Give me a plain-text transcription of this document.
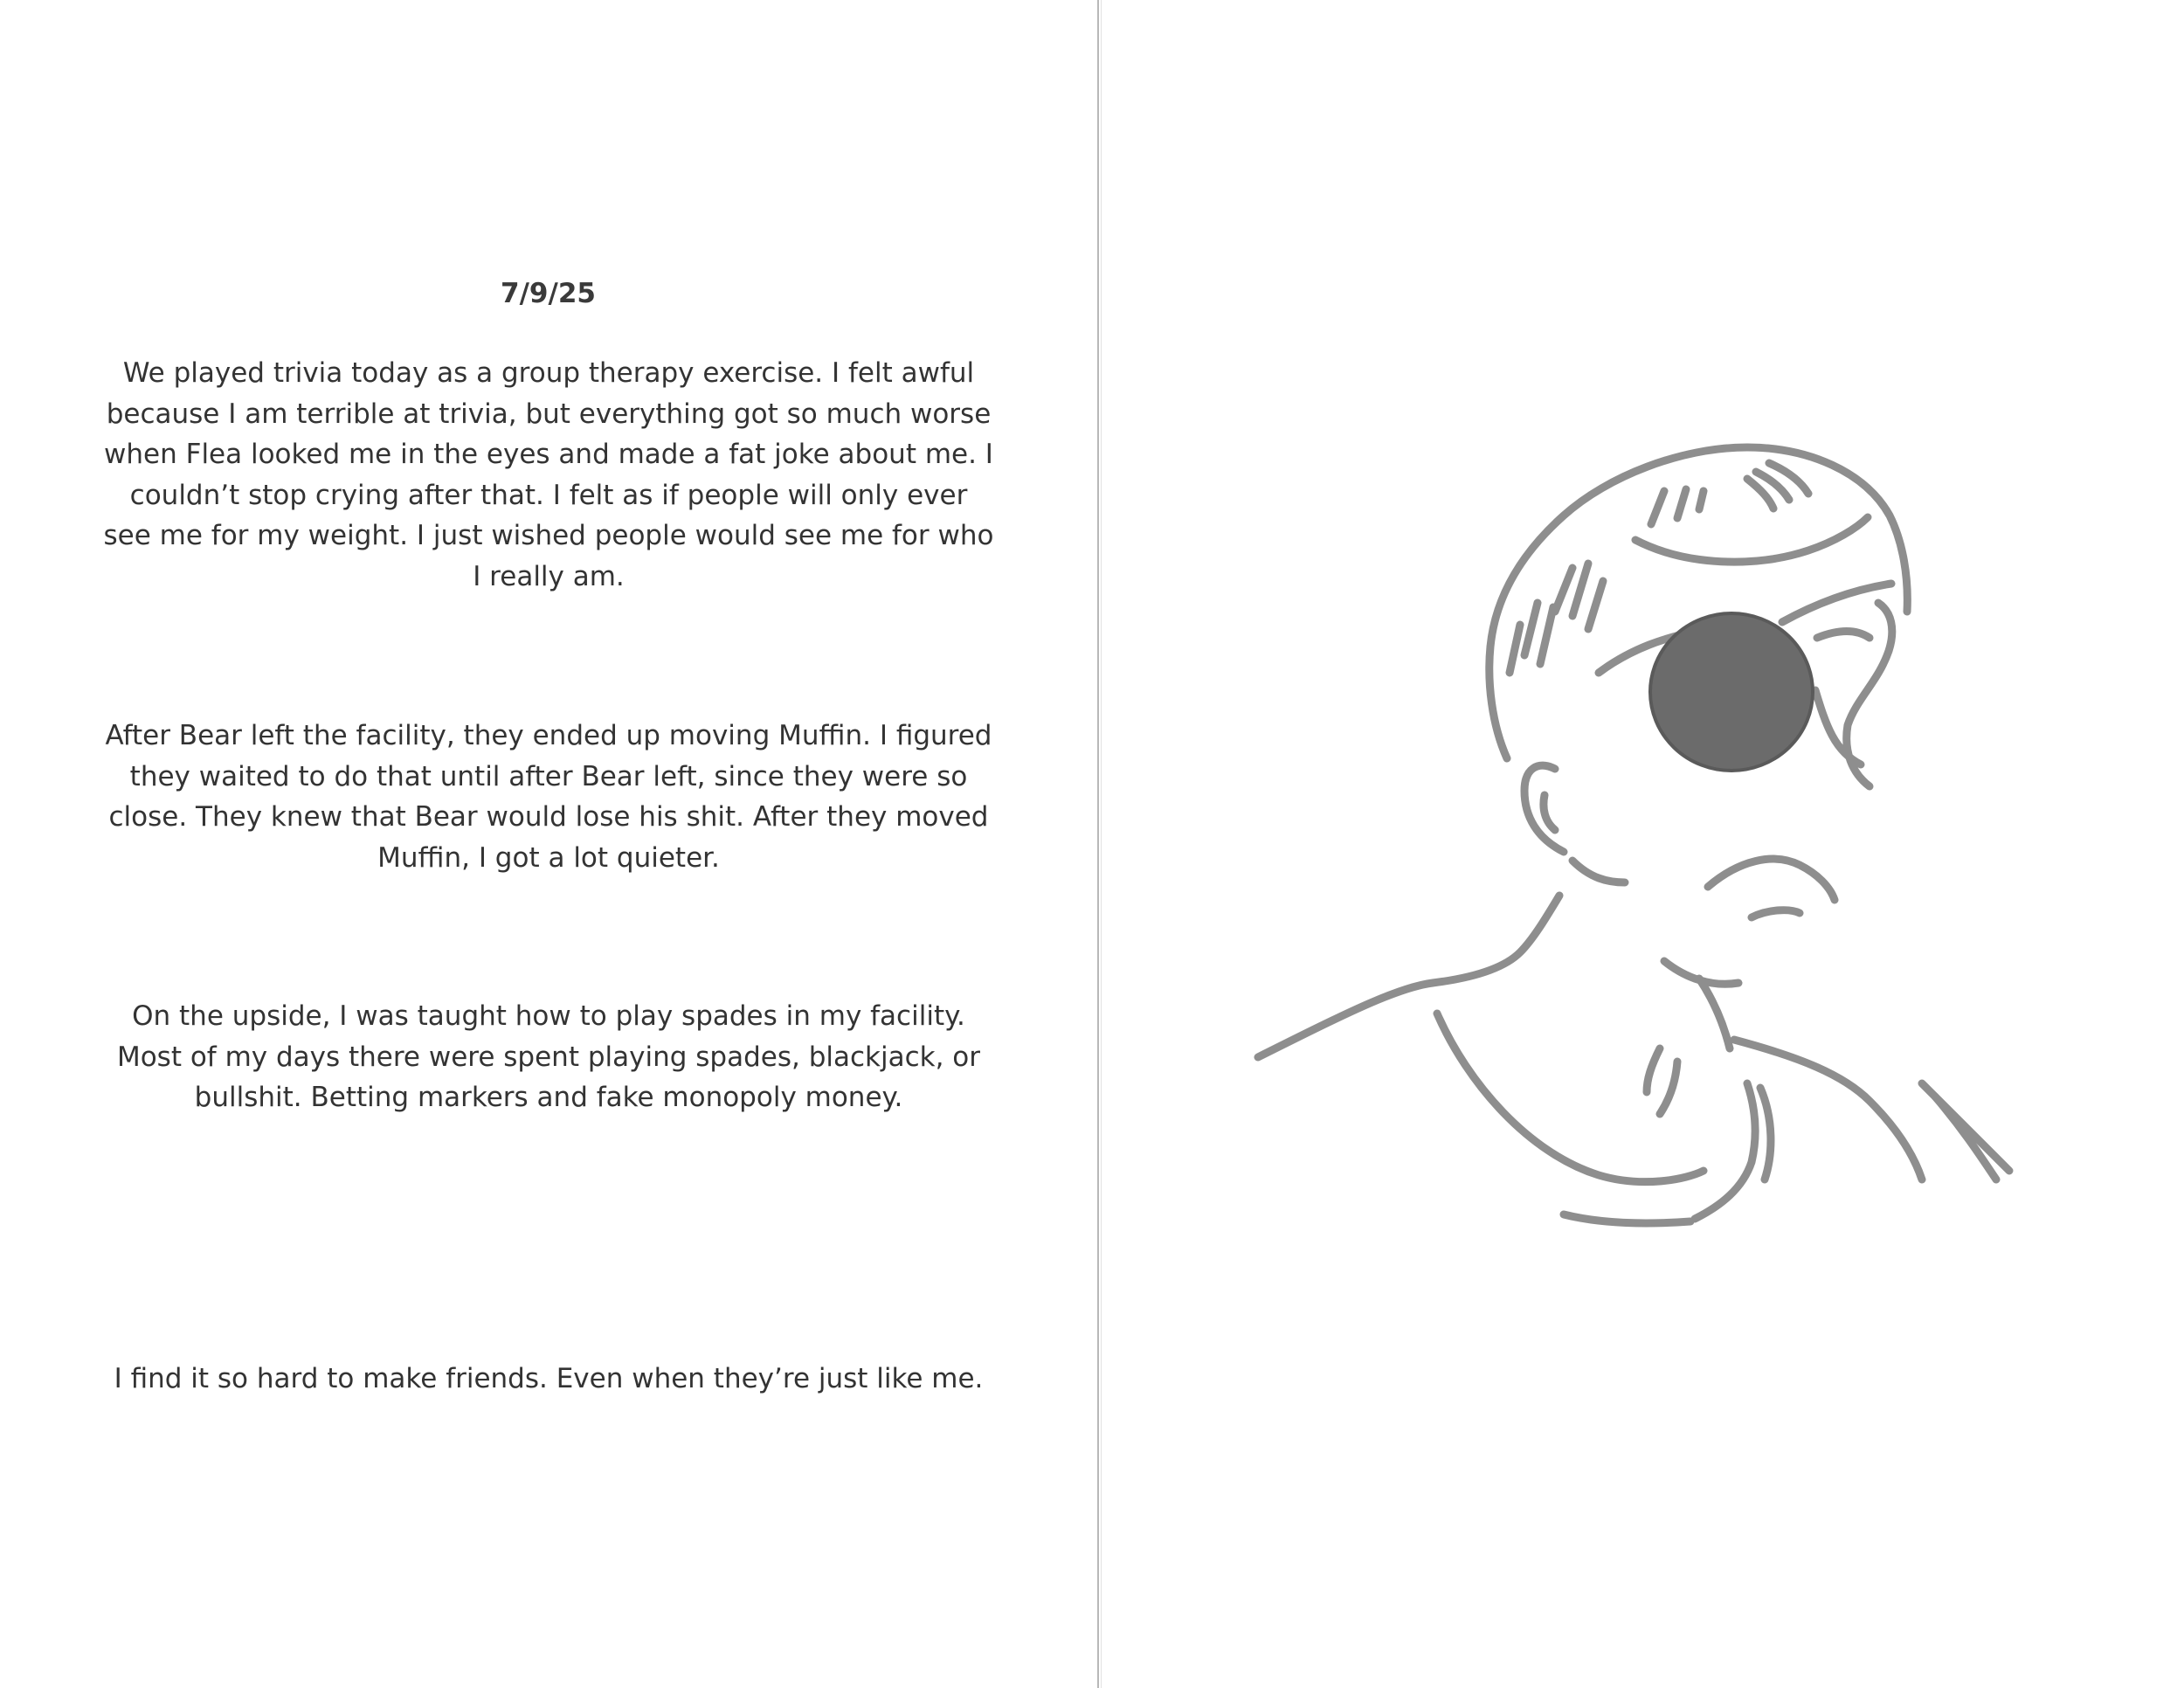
7/9/25

We played trivia today as a group therapy exercise. I felt awful because I am terrible at trivia, but everything got so much worse when Flea looked me in the eyes and made a fat joke about me. I couldn’t stop crying after that. I felt as if people will only ever see me for my weight. I just wished people would see me for who I really am.

After Bear left the facility, they ended up moving Muffin. I figured they waited to do that until after Bear left, since they were so close. They knew that Bear would lose his shit. After they moved Muffin, I got a lot quieter.

On the upside, I was taught how to play spades in my facility. Most of my days there were spent playing spades, blackjack, or bullshit. Betting markers and fake monopoly money.

I find it so hard to make friends. Even when they’re just like me.
